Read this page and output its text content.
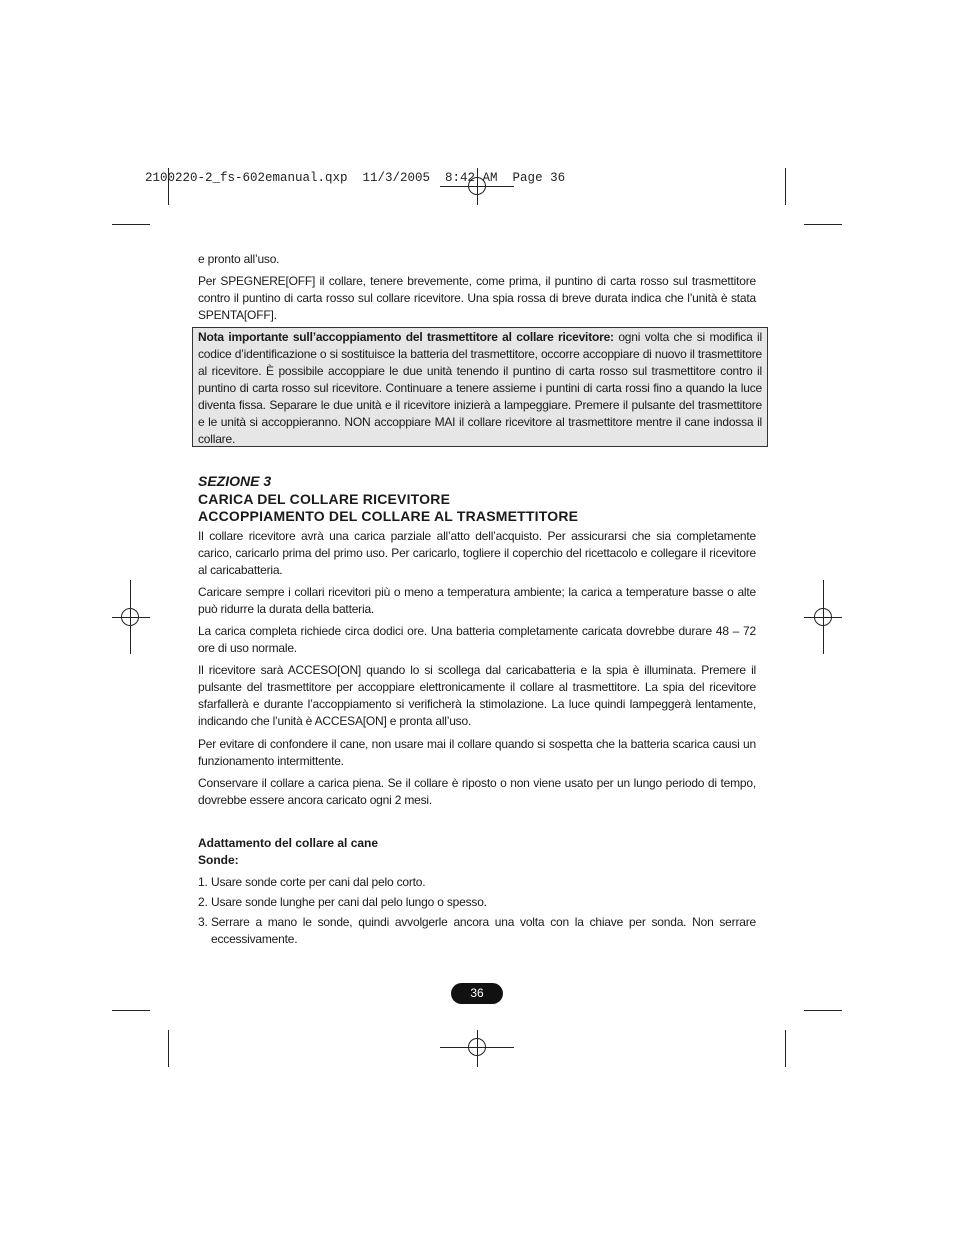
2100220-2_fs-602emanual.qxp  11/3/2005  8:42 AM  Page 36

e pronto all’uso.

Per SPEGNERE[OFF] il collare, tenere brevemente, come prima, il puntino di carta rosso sul trasmettitore contro il puntino di carta rosso sul collare ricevitore. Una spia rossa di breve durata indica che l’unità è stata SPENTA[OFF].

Nota importante sull’accoppiamento del trasmettitore al collare ricevitore: ogni volta che si modifica il codice d’identificazione o si sostituisce la batteria del trasmettitore, occorre accoppiare di nuovo il trasmettitore al ricevitore. È possibile accoppiare le due unità tenendo il puntino di carta rosso sul trasmettitore contro il puntino di carta rosso sul ricevitore. Continuare a tenere assieme i puntini di carta rossi fino a quando la luce diventa fissa. Separare le due unità e il ricevitore inizierà a lampeggiare. Premere il pulsante del trasmettitore e le unità si accoppieranno. NON accoppiare MAI il collare ricevitore al trasmettitore mentre il cane indossa il collare.
SEZIONE 3
CARICA DEL COLLARE RICEVITORE
ACCOPPIAMENTO DEL COLLARE AL TRASMETTITORE

Il collare ricevitore avrà una carica parziale all’atto dell’acquisto. Per assicurarsi che sia completamente carico, caricarlo prima del primo uso. Per caricarlo, togliere il coperchio del ricettacolo e collegare il ricevitore al caricabatteria.

Caricare sempre i collari ricevitori più o meno a temperatura ambiente; la carica a temperature basse o alte può ridurre la durata della batteria.

La carica completa richiede circa dodici ore. Una batteria completamente caricata dovrebbe durare 48 – 72 ore di uso normale.

Il ricevitore sarà ACCESO[ON] quando lo si scollega dal caricabatteria e la spia è illuminata. Premere il pulsante del trasmettitore per accoppiare elettronicamente il collare al trasmettitore. La spia del ricevitore sfarfallerà e durante l’accoppiamento si verificherà la stimolazione. La luce quindi lampeggerà lentamente, indicando che l’unità è ACCESA[ON] e pronta all’uso.

Per evitare di confondere il cane, non usare mai il collare quando si sospetta che la batteria scarica causi un funzionamento intermittente.

Conservare il collare a carica piena. Se il collare è riposto o non viene usato per un lungo periodo di tempo, dovrebbe essere ancora caricato ogni 2 mesi.

Adattamento del collare al cane
Sonde:
1. Usare sonde corte per cani dal pelo corto.
2. Usare sonde lunghe per cani dal pelo lungo o spesso.
3. Serrare a mano le sonde, quindi avvolgerle ancora una volta con la chiave per sonda. Non serrare eccessivamente.
36
